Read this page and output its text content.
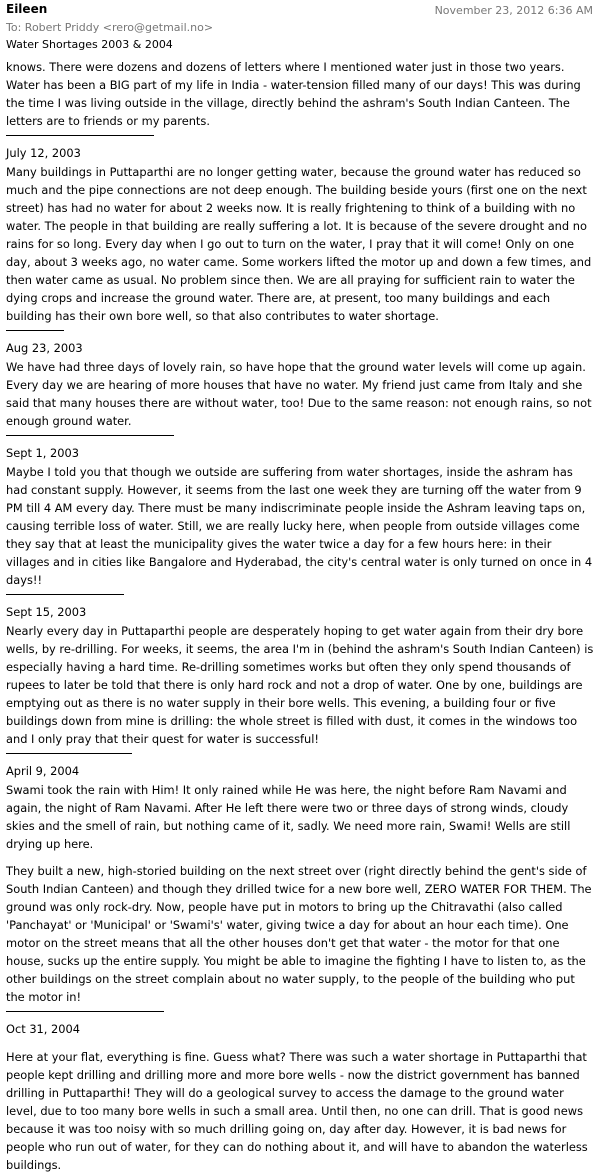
Eileen	November 23, 2012 6:36 AM
To: Robert Priddy <rero@getmail.no>
Water Shortages 2003 & 2004

knows. There were dozens and dozens of letters where I mentioned water just in those two years. Water has been a BIG part of my life in India - water-tension filled many of our days! This was during the time I was living outside in the village, directly behind the ashram's South Indian Canteen. The letters are to friends or my parents.

July 12, 2003

Many buildings in Puttaparthi are no longer getting water, because the ground water has reduced so much and the pipe connections are not deep enough. The building beside yours (first one on the next street) has had no water for about 2 weeks now. It is really frightening to think of a building with no water. The people in that building are really suffering a lot. It is because of the severe drought and no rains for so long. Every day when I go out to turn on the water, I pray that it will come! Only on one day, about 3 weeks ago, no water came. Some workers lifted the motor up and down a few times, and then water came as usual. No problem since then. We are all praying for sufficient rain to water the dying crops and increase the ground water. There are, at present, too many buildings and each building has their own bore well, so that also contributes to water shortage.

Aug 23, 2003

We have had three days of lovely rain, so have hope that the ground water levels will come up again. Every day we are hearing of more houses that have no water. My friend just came from Italy and she said that many houses there are without water, too! Due to the same reason: not enough rains, so not enough ground water.

Sept 1, 2003

Maybe I told you that though we outside are suffering from water shortages, inside the ashram has had constant supply. However, it seems from the last one week they are turning off the water from 9 PM till 4 AM every day. There must be many indiscriminate people inside the Ashram leaving taps on, causing terrible loss of water. Still, we are really lucky here, when people from outside villages come they say that at least the municipality gives the water twice a day for a few hours here: in their villages and in cities like Bangalore and Hyderabad, the city's central water is only turned on once in 4 days!!

Sept 15, 2003

Nearly every day in Puttaparthi people are desperately hoping to get water again from their dry bore wells, by re-drilling. For weeks, it seems, the area I'm in (behind the ashram's South Indian Canteen) is especially having a hard time. Re-drilling sometimes works but often they only spend thousands of rupees to later be told that there is only hard rock and not a drop of water. One by one, buildings are emptying out as there is no water supply in their bore wells. This evening, a building four or five buildings down from mine is drilling: the whole street is filled with dust, it comes in the windows too and I only pray that their quest for water is successful!

April 9, 2004

Swami took the rain with Him! It only rained while He was here, the night before Ram Navami and again, the night of Ram Navami. After He left there were two or three days of strong winds, cloudy skies and the smell of rain, but nothing came of it, sadly. We need more rain, Swami! Wells are still drying up here.

They built a new, high-storied building on the next street over (right directly behind the gent's side of South Indian Canteen) and though they drilled twice for a new bore well, ZERO WATER FOR THEM. The ground was only rock-dry. Now, people have put in motors to bring up the Chitravathi (also called 'Panchayat' or 'Municipal' or 'Swami's' water, giving twice a day for about an hour each time). One motor on the street means that all the other houses don't get that water - the motor for that one house, sucks up the entire supply. You might be able to imagine the fighting I have to listen to, as the other buildings on the street complain about no water supply, to the people of the building who put the motor in!

Oct 31, 2004

Here at your flat, everything is fine. Guess what? There was such a water shortage in Puttaparthi that people kept drilling and drilling more and more bore wells - now the district government has banned drilling in Puttaparthi! They will do a geological survey to access the damage to the ground water level, due to too many bore wells in such a small area. Until then, no one can drill. That is good news because it was too noisy with so much drilling going on, day after day. However, it is bad news for people who run out of water, for they can do nothing about it, and will have to abandon the waterless buildings.
